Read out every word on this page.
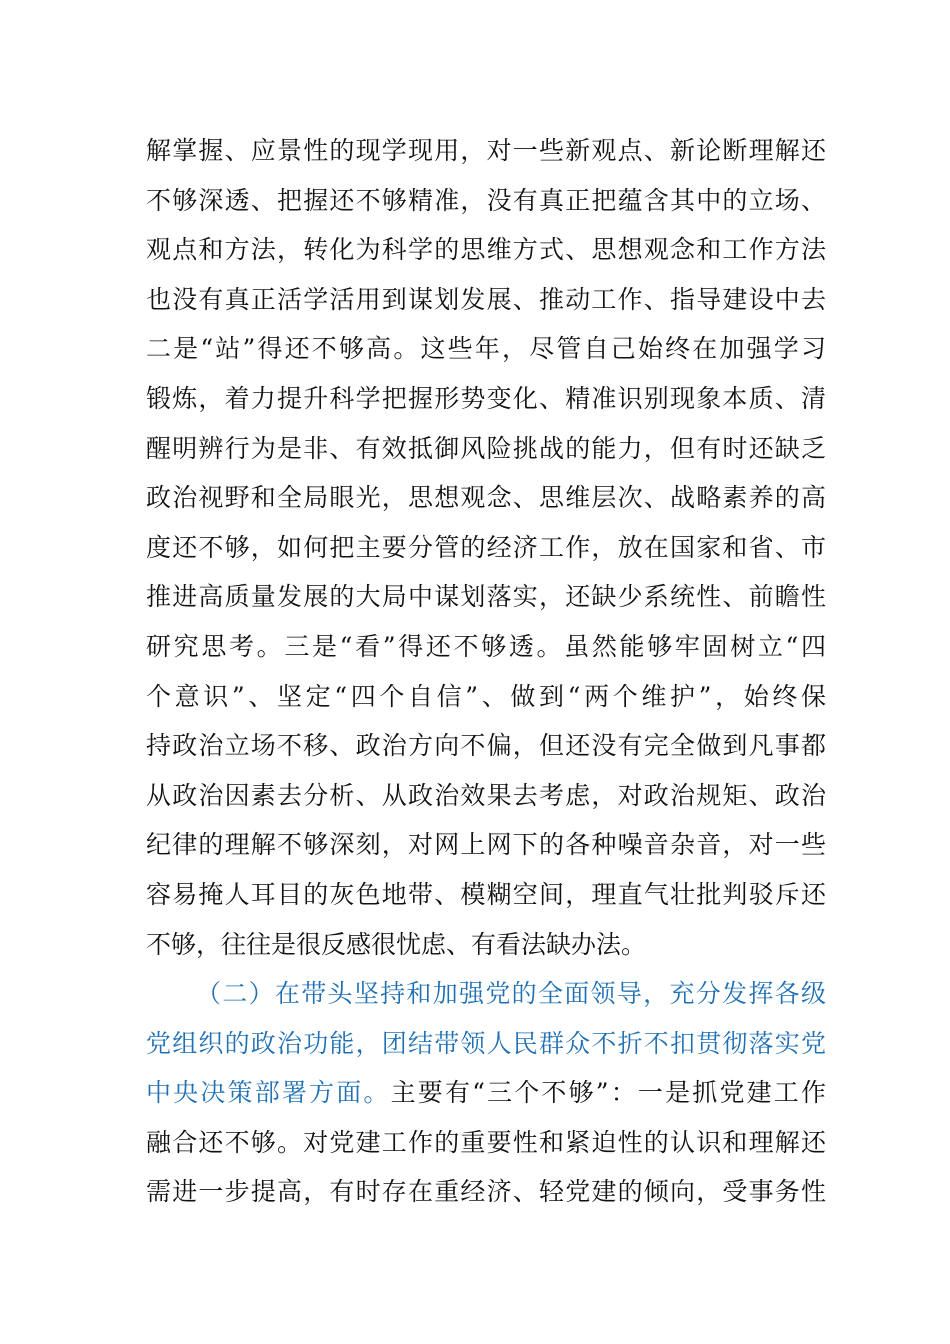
解掌握、应景性的现学现用，对一些新观点、新论断理解还
不够深透、把握还不够精准，没有真正把蕴含其中的立场、
观点和方法，转化为科学的思维方式、思想观念和工作方法
也没有真正活学活用到谋划发展、推动工作、指导建设中去
二是“站”得还不够高。这些年，尽管自己始终在加强学习
锻炼，着力提升科学把握形势变化、精准识别现象本质、清
醒明辨行为是非、有效抵御风险挑战的能力，但有时还缺乏
政治视野和全局眼光，思想观念、思维层次、战略素养的高
度还不够，如何把主要分管的经济工作，放在国家和省、市
推进高质量发展的大局中谋划落实，还缺少系统性、前瞻性
研究思考。三是“看”得还不够透。虽然能够牢固树立“四
个意识”、坚定“四个自信”、做到“两个维护”，始终保
持政治立场不移、政治方向不偏，但还没有完全做到凡事都
从政治因素去分析、从政治效果去考虑，对政治规矩、政治
纪律的理解不够深刻，对网上网下的各种噪音杂音，对一些
容易掩人耳目的灰色地带、模糊空间，理直气壮批判驳斥还
不够，往往是很反感很忧虑、有看法缺办法。
（二）在带头坚持和加强党的全面领导，充分发挥各级
党组织的政治功能，团结带领人民群众不折不扣贯彻落实党
中央决策部署方面。主要有“三个不够”：一是抓党建工作
融合还不够。对党建工作的重要性和紧迫性的认识和理解还
需进一步提高，有时存在重经济、轻党建的倾向，受事务性
